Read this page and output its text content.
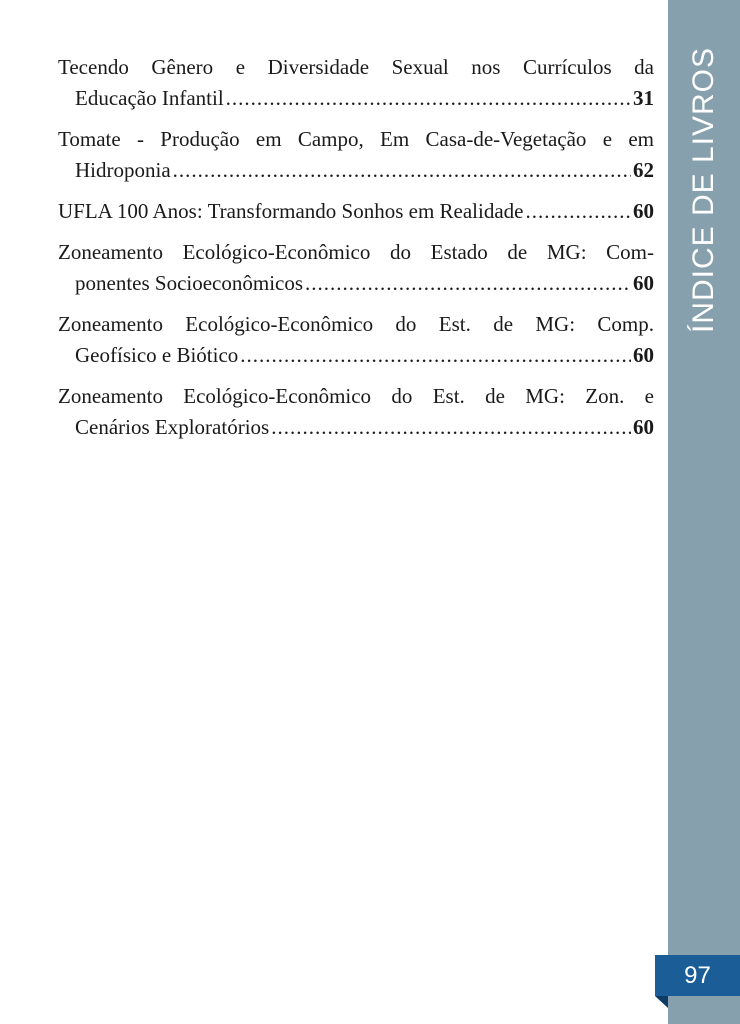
Tecendo Gênero e Diversidade Sexual nos Currículos da
Educação Infantil .....	31
Tomate - Produção em Campo, Em Casa-de-Vegetação e em
Hidroponia .....	62
UFLA 100 Anos: Transformando Sonhos em Realidade .....	60
Zoneamento Ecológico-Econômico do Estado de MG: Com-
ponentes Socioeconômicos .....	60
Zoneamento Ecológico-Econômico do Est. de MG: Comp.
Geofísico e Biótico .....	60
Zoneamento Ecológico-Econômico do Est. de MG: Zon. e
Cenários Exploratórios .....	60
ÍNDICE DE LIVROS
97
